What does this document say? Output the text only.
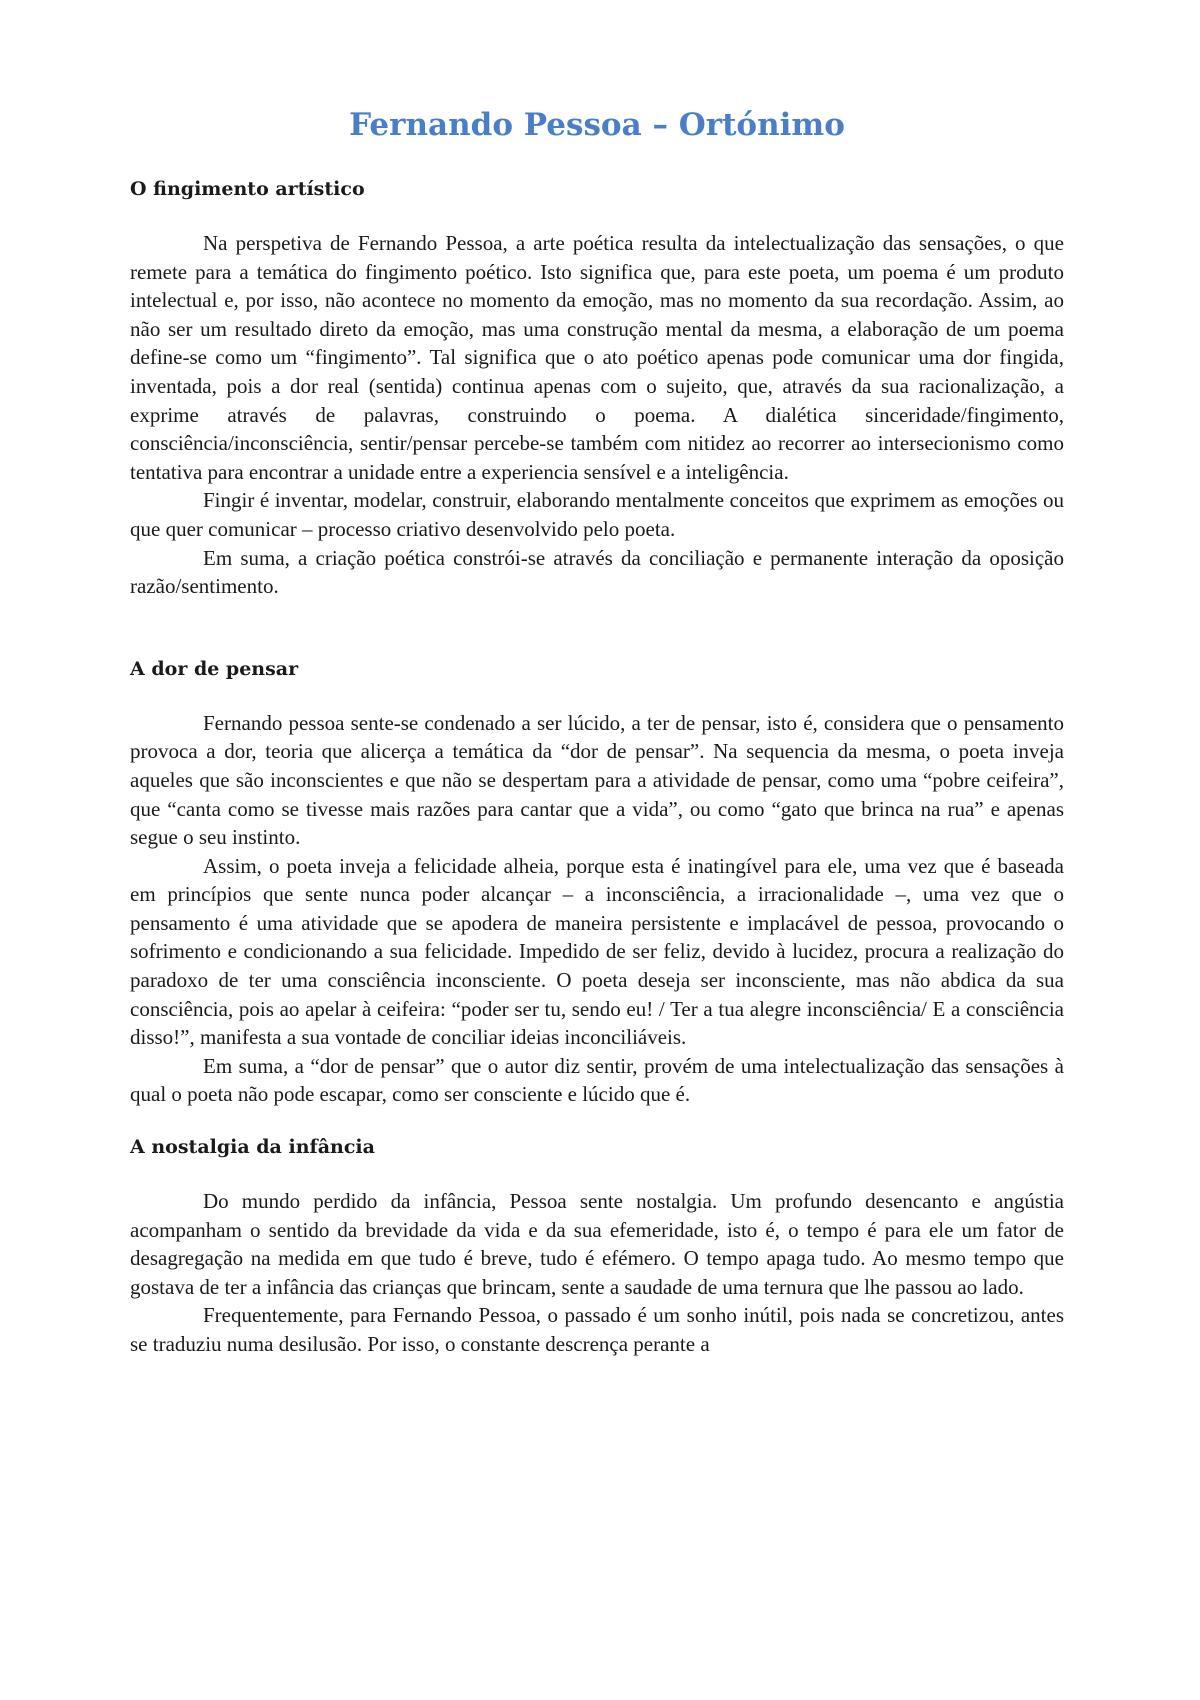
Fernando Pessoa – Ortónimo
O fingimento artístico

Na perspetiva de Fernando Pessoa, a arte poética resulta da intelectualização das sensações, o que remete para a temática do fingimento poético. Isto significa que, para este poeta, um poema é um produto intelectual e, por isso, não acontece no momento da emoção, mas no momento da sua recordação. Assim, ao não ser um resultado direto da emoção, mas uma construção mental da mesma, a elaboração de um poema define-se como um “fingimento”. Tal significa que o ato poético apenas pode comunicar uma dor fingida, inventada, pois a dor real (sentida) continua apenas com o sujeito, que, através da sua racionalização, a exprime através de palavras, construindo o poema. A dialética sinceridade/fingimento, consciência/inconsciência, sentir/pensar percebe-se também com nitidez ao recorrer ao intersecionismo como tentativa para encontrar a unidade entre a experiencia sensível e a inteligência.

Fingir é inventar, modelar, construir, elaborando mentalmente conceitos que exprimem as emoções ou que quer comunicar – processo criativo desenvolvido pelo poeta.

Em suma, a criação poética constrói-se através da conciliação e permanente interação da oposição razão/sentimento.

A dor de pensar

Fernando pessoa sente-se condenado a ser lúcido, a ter de pensar, isto é, considera que o pensamento provoca a dor, teoria que alicerça a temática da “dor de pensar”. Na sequencia da mesma, o poeta inveja aqueles que são inconscientes e que não se despertam para a atividade de pensar, como uma “pobre ceifeira”, que “canta como se tivesse mais razões para cantar que a vida”, ou como “gato que brinca na rua” e apenas segue o seu instinto.

Assim, o poeta inveja a felicidade alheia, porque esta é inatingível para ele, uma vez que é baseada em princípios que sente nunca poder alcançar – a inconsciência, a irracionalidade –, uma vez que o pensamento é uma atividade que se apodera de maneira persistente e implacável de pessoa, provocando o sofrimento e condicionando a sua felicidade. Impedido de ser feliz, devido à lucidez, procura a realização do paradoxo de ter uma consciência inconsciente. O poeta deseja ser inconsciente, mas não abdica da sua consciência, pois ao apelar à ceifeira: “poder ser tu, sendo eu! / Ter a tua alegre inconsciência/ E a consciência disso!”, manifesta a sua vontade de conciliar ideias inconciliáveis.

Em suma, a “dor de pensar” que o autor diz sentir, provém de uma intelectualização das sensações à qual o poeta não pode escapar, como ser consciente e lúcido que é.

A nostalgia da infância

Do mundo perdido da infância, Pessoa sente nostalgia. Um profundo desencanto e angústia acompanham o sentido da brevidade da vida e da sua efemeridade, isto é, o tempo é para ele um fator de desagregação na medida em que tudo é breve, tudo é efémero. O tempo apaga tudo. Ao mesmo tempo que gostava de ter a infância das crianças que brincam, sente a saudade de uma ternura que lhe passou ao lado.

Frequentemente, para Fernando Pessoa, o passado é um sonho inútil, pois nada se concretizou, antes se traduziu numa desilusão. Por isso, o constante descrença perante a
